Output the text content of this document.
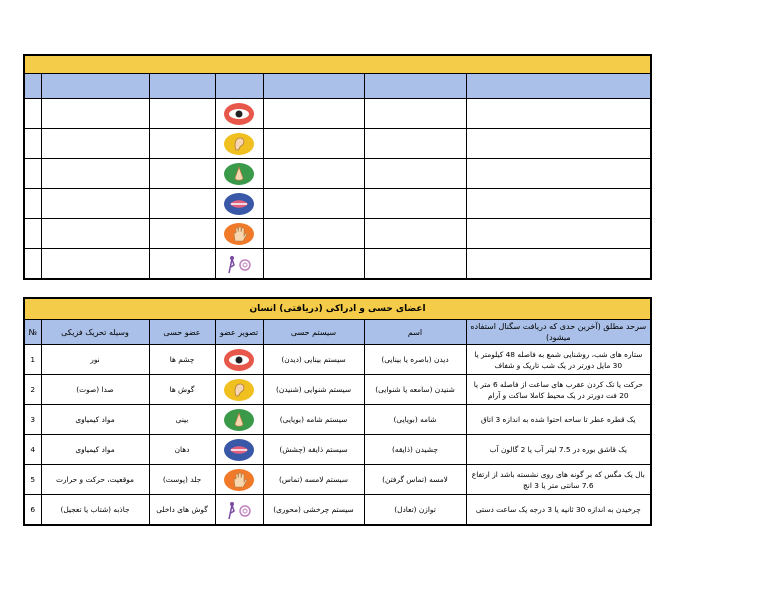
اعضای حسی و ادراکی (دریافتی) انسان						
№	وسیله تحریک فزیکی	عضو حسی	تصویر عضو	سیستم حسی	اسم	سرحد مطلق (آخرین حدی که دریافت سگنال استفاده میشود)
1	نور	چشم ها		سیستم بینایی (دیدن)	دیدن (باصره یا بینایی)	ستاره های شب، روشنایی شمع به فاصله 48 کیلومتر یا 30 مایل دورتر در یک شب تاریک و شفاف
2	صدا (صوت)	گوش ها		سیستم شنوایی (شنیدن)	شنیدن (سامعه یا شنوایی)	حرکت یا تک کردن عقرب های ساعت از فاصله 6 متر یا 20 فت دورتر در یک محیط کاملا ساکت و آرام
3	مواد کیمیاوی	بینی		سیستم شامه (بویایی)	شامه (بویایی)	یک قطره عطر تا ساحه احتوا شده به اندازه 3 اتاق
4	مواد کیمیاوی	دهان		سیستم ذایقه (چشش)	چشیدن (ذایقه)	یک قاشق بوره در 7.5 لیتر آب یا 2 گالون آب
5	موقعیت، حرکت و حرارت	جلد (پوست)		سیستم لامسه (تماس)	لامسه (تماس گرفتن)	بال یک مگس که بر گونه های روی نشسته باشد از ارتفاع 7.6 سانتی متر یا 3 انچ
6	جاذبه (شتاب یا تعجیل)	گوش های داخلی		سیستم چرخشی (محوری)	توازن (تعادل)	چرخیدن به اندازه 30 ثانیه یا 3 درجه یک ساعت دستی
